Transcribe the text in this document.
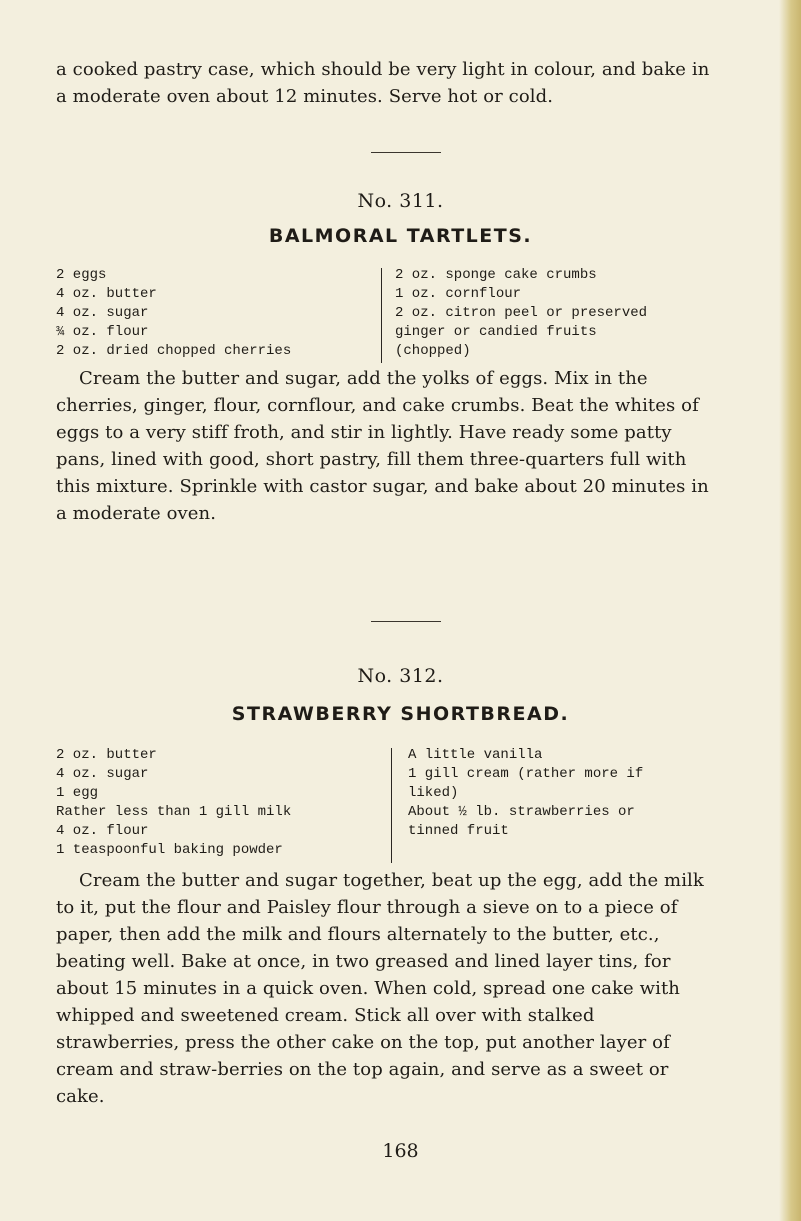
a cooked pastry case, which should be very light in colour, and bake in a moderate oven about 12 minutes. Serve hot or cold.

No. 311.
BALMORAL TARTLETS.
2 eggs
4 oz. butter
4 oz. sugar
¾ oz. flour
2 oz. dried chopped cherries
2 oz. sponge cake crumbs
1 oz. cornflour
2 oz. citron peel or preserved
ginger or candied fruits
(chopped)

Cream the butter and sugar, add the yolks of eggs. Mix in the cherries, ginger, flour, cornflour, and cake crumbs. Beat the whites of eggs to a very stiff froth, and stir in lightly. Have ready some patty pans, lined with good, short pastry, fill them three-quarters full with this mixture. Sprinkle with castor sugar, and bake about 20 minutes in a moderate oven.

No. 312.
STRAWBERRY SHORTBREAD.
2 oz. butter
4 oz. sugar
1 egg
Rather less than 1 gill milk
4 oz. flour
1 teaspoonful baking powder
A little vanilla
1 gill cream (rather more if
liked)
About ½ lb. strawberries or
tinned fruit

Cream the butter and sugar together, beat up the egg, add the milk to it, put the flour and Paisley flour through a sieve on to a piece of paper, then add the milk and flours alternately to the butter, etc., beating well. Bake at once, in two greased and lined layer tins, for about 15 minutes in a quick oven. When cold, spread one cake with whipped and sweetened cream. Stick all over with stalked strawberries, press the other cake on the top, put another layer of cream and straw-berries on the top again, and serve as a sweet or cake.

168
